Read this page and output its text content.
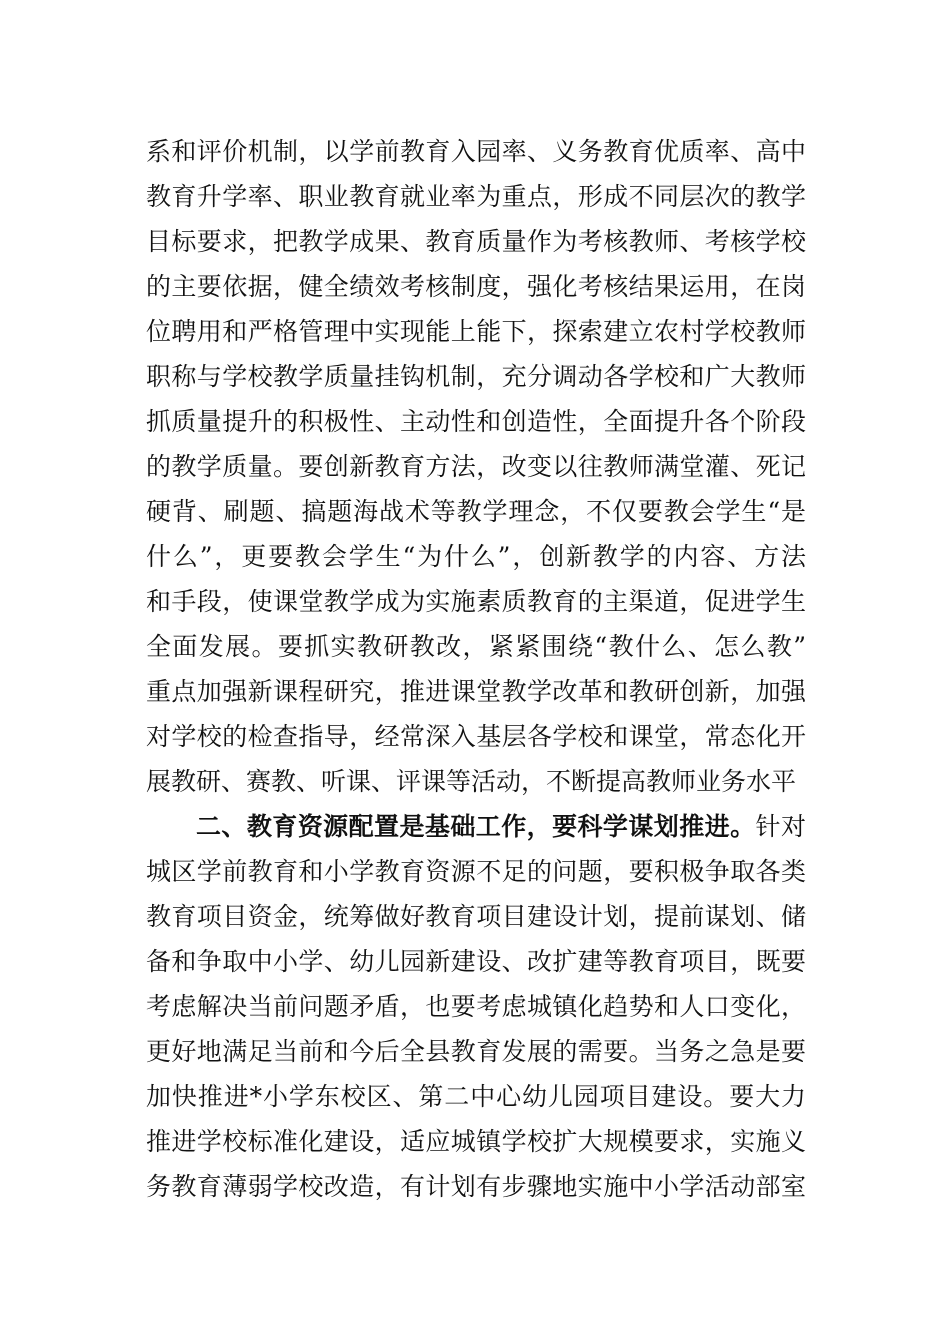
系和评价机制，以学前教育入园率、义务教育优质率、高中
教育升学率、职业教育就业率为重点，形成不同层次的教学
目标要求，把教学成果、教育质量作为考核教师、考核学校
的主要依据，健全绩效考核制度，强化考核结果运用，在岗
位聘用和严格管理中实现能上能下，探索建立农村学校教师
职称与学校教学质量挂钩机制，充分调动各学校和广大教师
抓质量提升的积极性、主动性和创造性，全面提升各个阶段
的教学质量。要创新教育方法，改变以往教师满堂灌、死记
硬背、刷题、搞题海战术等教学理念，不仅要教会学生“是
什么”，更要教会学生“为什么”，创新教学的内容、方法
和手段，使课堂教学成为实施素质教育的主渠道，促进学生
全面发展。要抓实教研教改，紧紧围绕“教什么、怎么教”
重点加强新课程研究，推进课堂教学改革和教研创新，加强
对学校的检查指导，经常深入基层各学校和课堂，常态化开
展教研、赛教、听课、评课等活动，不断提高教师业务水平
二、教育资源配置是基础工作，要科学谋划推进。针对
城区学前教育和小学教育资源不足的问题，要积极争取各类
教育项目资金，统筹做好教育项目建设计划，提前谋划、储
备和争取中小学、幼儿园新建设、改扩建等教育项目，既要
考虑解决当前问题矛盾，也要考虑城镇化趋势和人口变化，
更好地满足当前和今后全县教育发展的需要。当务之急是要
加快推进*小学东校区、第二中心幼儿园项目建设。要大力
推进学校标准化建设，适应城镇学校扩大规模要求，实施义
务教育薄弱学校改造，有计划有步骤地实施中小学活动部室
